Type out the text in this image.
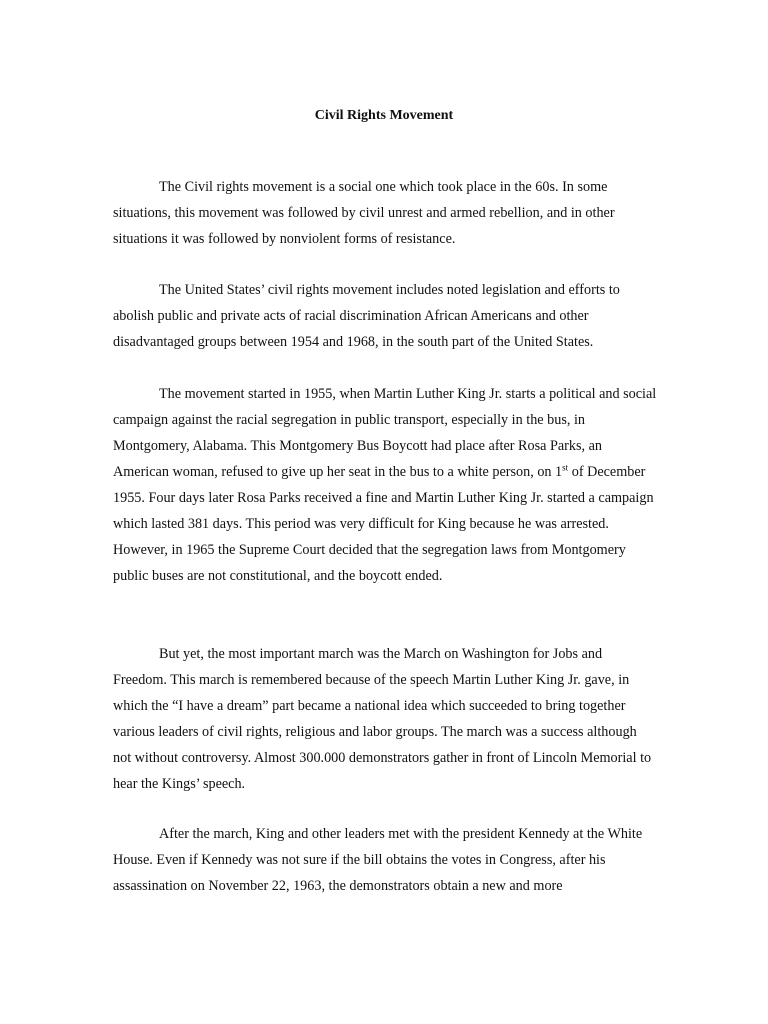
Civil Rights Movement

The Civil rights movement is a social one which took place in the 60s. In some situations, this movement was followed by civil unrest and armed rebellion, and in other situations it was followed by nonviolent forms of resistance.

The United States’ civil rights movement includes noted legislation and efforts to abolish public and private acts of racial discrimination African Americans and other disadvantaged groups between 1954 and 1968, in the south part of the United States.

The movement started in 1955, when Martin Luther King Jr. starts a political and social campaign against the racial segregation in public transport, especially in the bus, in Montgomery, Alabama. This Montgomery Bus Boycott had place after Rosa Parks, an American woman, refused to give up her seat in the bus to a white person, on 1st of December 1955. Four days later Rosa Parks received a fine and Martin Luther King Jr. started a campaign which lasted 381 days. This period was very difficult for King because he was arrested. However, in 1965 the Supreme Court decided that the segregation laws from Montgomery public buses are not constitutional, and the boycott ended.

But yet, the most important march was the March on Washington for Jobs and Freedom. This march is remembered because of the speech Martin Luther King Jr. gave, in which the “I have a dream” part became a national idea which succeeded to bring together various leaders of civil rights, religious and labor groups. The march was a success although not without controversy. Almost 300.000 demonstrators gather in front of Lincoln Memorial to hear the Kings’ speech.

After the march, King and other leaders met with the president Kennedy at the White House. Even if Kennedy was not sure if the bill obtains the votes in Congress, after his assassination on November 22, 1963, the demonstrators obtain a new and more
